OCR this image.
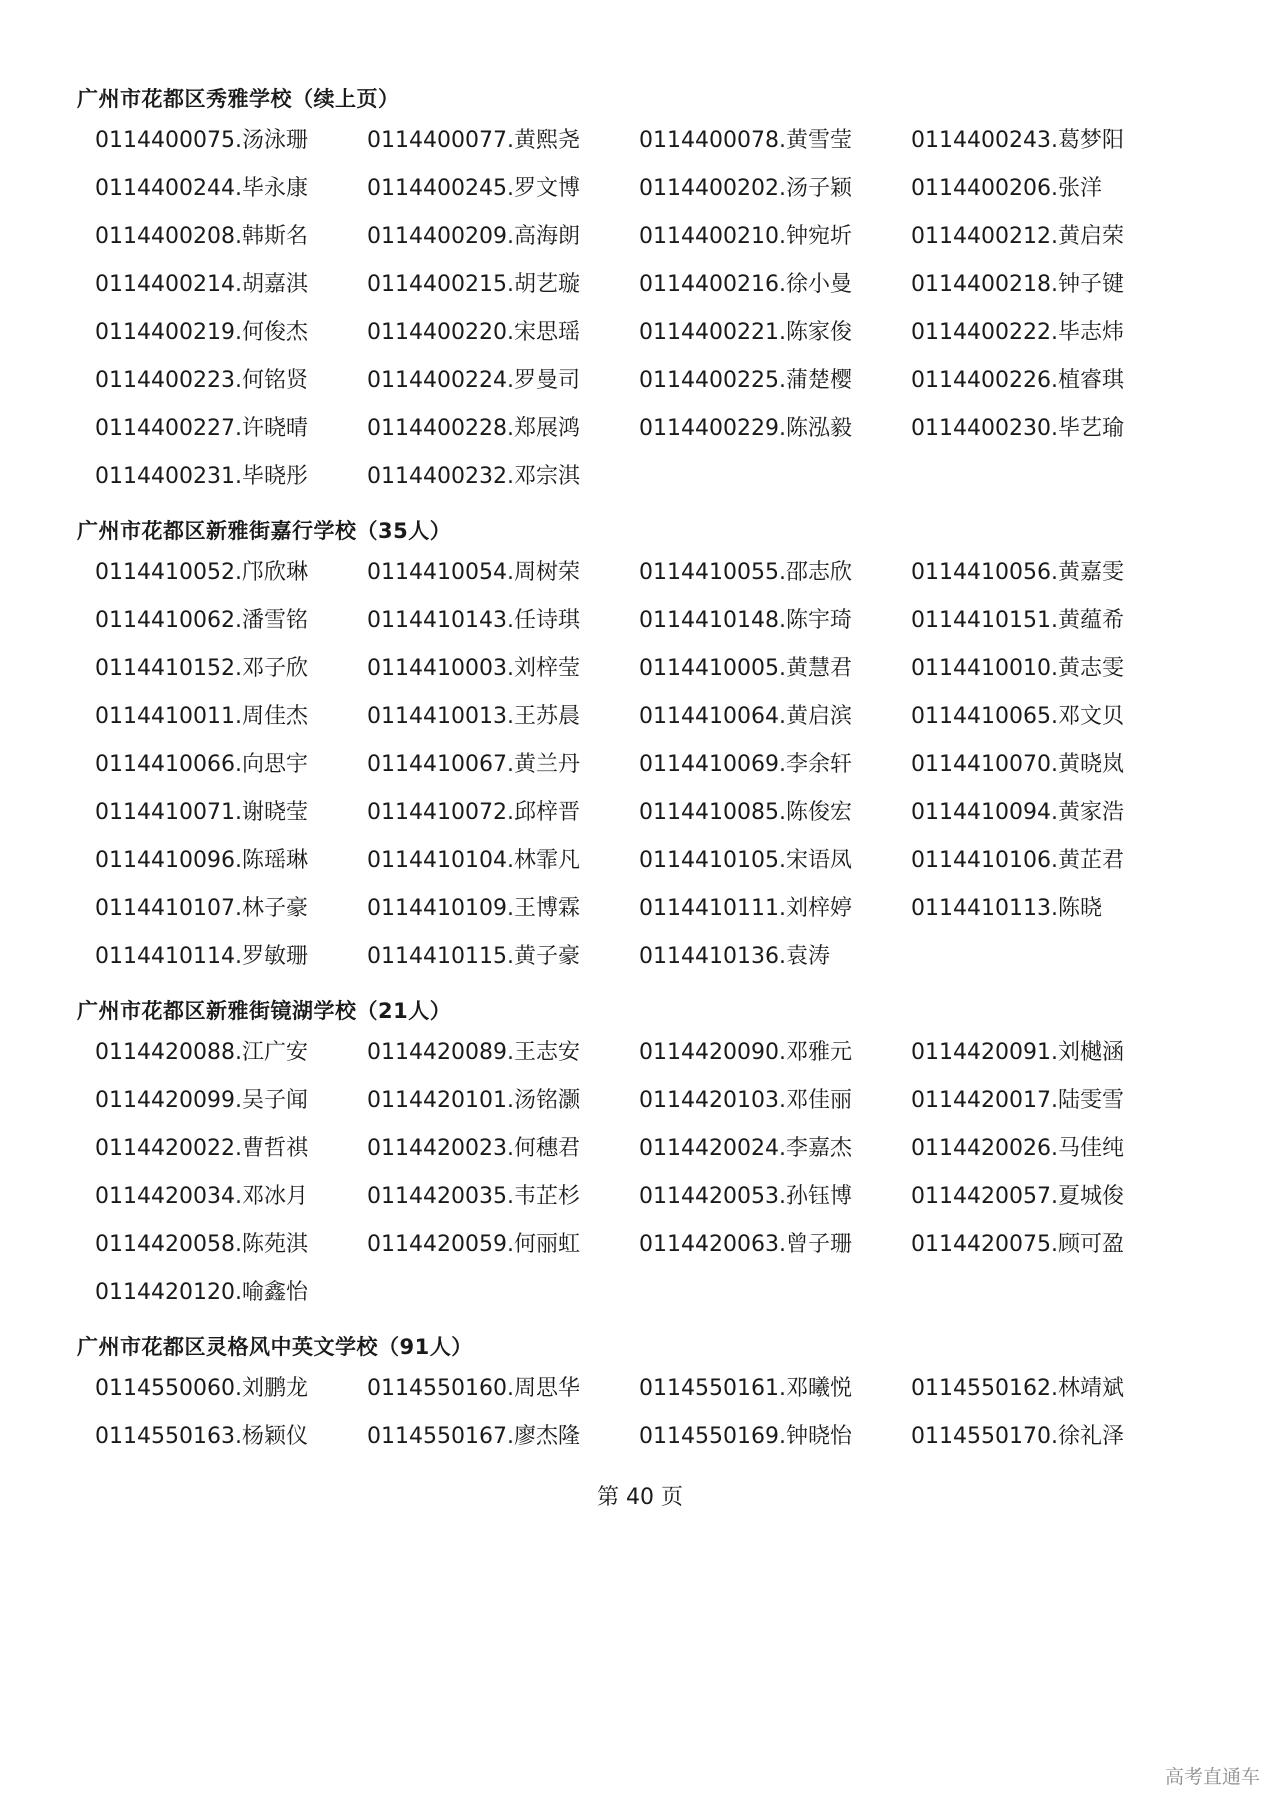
广州市花都区秀雅学校（续上页）
0114400075.汤泳珊	0114400077.黄熙尧	0114400078.黄雪莹	0114400243.葛梦阳
0114400244.毕永康	0114400245.罗文博	0114400202.汤子颖	0114400206.张洋
0114400208.韩斯名	0114400209.高海朗	0114400210.钟宛圻	0114400212.黄启荣
0114400214.胡嘉淇	0114400215.胡艺璇	0114400216.徐小曼	0114400218.钟子键
0114400219.何俊杰	0114400220.宋思瑶	0114400221.陈家俊	0114400222.毕志炜
0114400223.何铭贤	0114400224.罗曼司	0114400225.蒲楚樱	0114400226.植睿琪
0114400227.许晓晴	0114400228.郑展鸿	0114400229.陈泓毅	0114400230.毕艺瑜
0114400231.毕晓彤	0114400232.邓宗淇
广州市花都区新雅街嘉行学校（35人）
0114410052.邝欣琳	0114410054.周树荣	0114410055.邵志欣	0114410056.黄嘉雯
0114410062.潘雪铭	0114410143.任诗琪	0114410148.陈宇琦	0114410151.黄蕴希
0114410152.邓子欣	0114410003.刘梓莹	0114410005.黄慧君	0114410010.黄志雯
0114410011.周佳杰	0114410013.王苏晨	0114410064.黄启滨	0114410065.邓文贝
0114410066.向思宇	0114410067.黄兰丹	0114410069.李余轩	0114410070.黄晓岚
0114410071.谢晓莹	0114410072.邱梓晋	0114410085.陈俊宏	0114410094.黄家浩
0114410096.陈瑶琳	0114410104.林霏凡	0114410105.宋语凤	0114410106.黄芷君
0114410107.林子豪	0114410109.王博霖	0114410111.刘梓婷	0114410113.陈晓
0114410114.罗敏珊	0114410115.黄子豪	0114410136.袁涛
广州市花都区新雅街镜湖学校（21人）
0114420088.江广安	0114420089.王志安	0114420090.邓雅元	0114420091.刘樾涵
0114420099.吴子闻	0114420101.汤铭灏	0114420103.邓佳丽	0114420017.陆雯雪
0114420022.曹哲祺	0114420023.何穗君	0114420024.李嘉杰	0114420026.马佳纯
0114420034.邓冰月	0114420035.韦芷杉	0114420053.孙钰博	0114420057.夏城俊
0114420058.陈苑淇	0114420059.何丽虹	0114420063.曾子珊	0114420075.顾可盈
0114420120.喻鑫怡
广州市花都区灵格风中英文学校（91人）
0114550060.刘鹏龙	0114550160.周思华	0114550161.邓曦悦	0114550162.林靖斌
0114550163.杨颖仪	0114550167.廖杰隆	0114550169.钟晓怡	0114550170.徐礼泽
第 40 页
高考直通车
